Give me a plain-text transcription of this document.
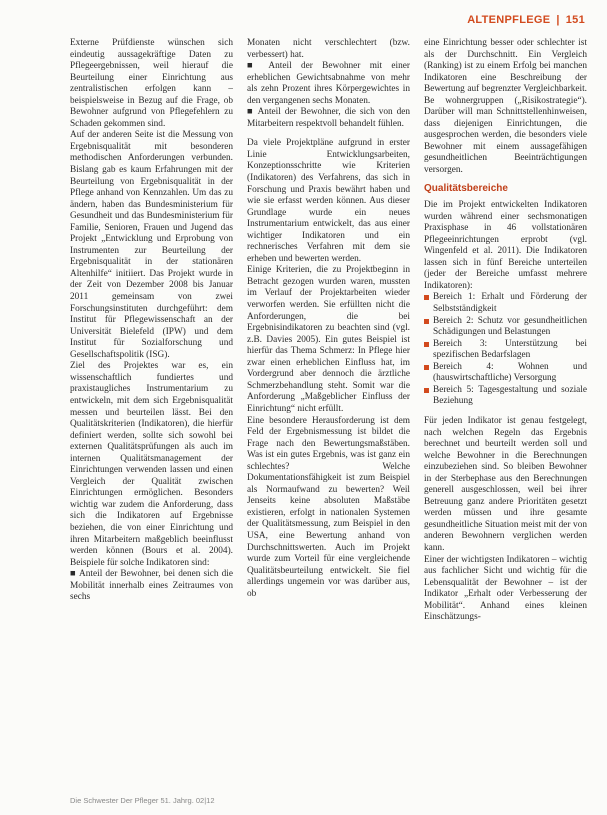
ALTENPFLEGE | 151

Externe Prüfdienste wünschen sich eindeutig aussagekräftige Daten zu Pflegeergebnissen, weil hierauf die Beurteilung einer Einrichtung aus zentralistischen erfolgen kann – beispielsweise in Bezug auf die Frage, ob Bewohner aufgrund von Pflegefehlern zu Schaden gekommen sind.

Auf der anderen Seite ist die Messung von Ergebnisqualität mit besonderen methodischen Anforderungen verbunden. Bislang gab es kaum Erfahrungen mit der Beurteilung von Ergebnisqualität in der Pflege anhand von Kennzahlen. Um das zu ändern, haben das Bundesministerium für Gesundheit und das Bundesministerium für Familie, Senioren, Frauen und Jugend das Projekt „Entwicklung und Erprobung von Instrumenten zur Beurteilung der Ergebnisqualität in der stationären Altenhilfe“ initiiert. Das Projekt wurde in der Zeit von Dezember 2008 bis Januar 2011 gemeinsam von zwei Forschungsinstituten durchgeführt: dem Institut für Pflegewissenschaft an der Universität Bielefeld (IPW) und dem Institut für Sozialforschung und Gesellschaftspolitik (ISG).

Ziel des Projektes war es, ein wissenschaftlich fundiertes und praxistaugliches Instrumentarium zu entwickeln, mit dem sich Ergebnisqualität messen und beurteilen lässt. Bei den Qualitätskriterien (Indikatoren), die hierfür definiert werden, sollte sich sowohl bei externen Qualitätsprüfungen als auch im internen Qualitätsmanagement der Einrichtungen verwenden lassen und einen Vergleich der Qualität zwischen Einrichtungen ermöglichen. Besonders wichtig war zudem die Anforderung, dass sich die Indikatoren auf Ergebnisse beziehen, die von einer Einrichtung und ihren Mitarbeitern maßgeblich beeinflusst werden können (Bours et al. 2004). Beispiele für solche Indikatoren sind:

■ Anteil der Bewohner, bei denen sich die Mobilität innerhalb eines Zeitraumes von sechs

Monaten nicht verschlechtert (bzw. verbessert) hat.

■ Anteil der Bewohner mit einer erheblichen Gewichtsabnahme von mehr als zehn Prozent ihres Körpergewichtes in den vergangenen sechs Monaten.

■ Anteil der Bewohner, die sich von den Mitarbeitern respektvoll behandelt fühlen.

Da viele Projektpläne aufgrund in erster Linie Entwicklungsarbeiten, Konzeptionsschritte wie Kriterien (Indikatoren) des Verfahrens, das sich in Forschung und Praxis bewährt haben und wie sie erfasst werden können. Aus dieser Grundlage wurde ein neues Instrumentarium entwickelt, das aus einer wichtiger Indikatoren und ein rechnerisches Verfahren mit dem sie erheben und bewerten werden.

Einige Kriterien, die zu Projektbeginn in Betracht gezogen wurden waren, mussten im Verlauf der Projektarbeiten wieder verworfen werden. Sie erfüllten nicht die Anforderungen, die bei Ergebnisindikatoren zu beachten sind (vgl. z.B. Davies 2005). Ein gutes Beispiel ist hierfür das Thema Schmerz: In Pflege hier zwar einen erheblichen Einfluss hat, im Vordergrund aber dennoch die ärztliche Schmerzbehandlung steht. Somit war die Anforderung „Maßgeblicher Einfluss der Einrichtung“ nicht erfüllt.

Eine besondere Herausforderung ist dem Feld der Ergebnismessung ist bildet die Frage nach den Bewertungsmaßstäben. Was ist ein gutes Ergebnis, was ist ganz ein schlechtes? Welche Dokumentationsfähigkeit ist zum Beispiel als Normaufwand zu bewerten? Weil Jenseits keine absoluten Maßstäbe existieren, erfolgt in nationalen Systemen der Qualitätsmessung, zum Beispiel in den USA, eine Bewertung anhand von Durchschnittswerten. Auch im Projekt wurde zum Vorteil für eine vergleichende Qualitätsbeurteilung entwickelt. Sie fiel allerdings ungemein vor was darüber aus, ob

eine Einrichtung besser oder schlechter ist als der Durchschnitt. Ein Vergleich (Ranking) ist zu einem Erfolg bei manchen Indikatoren eine Beschreibung der Bewertung auf begrenzter Vergleichbarkeit. Be wohnergruppen („Risikostrategie“). Darüber will man Schnittstellenhinweisen, dass diejenigen Einrichtungen, die ausgesprochen werden, die besonders viele Bewohner mit einem aussagefähigen gesundheitlichen Beeinträchtigungen versorgen.

Qualitätsbereiche

Die im Projekt entwickelten Indikatoren wurden während einer sechsmonatigen Praxisphase in 46 vollstationären Pflegeeinrichtungen erprobt (vgl. Wingenfeld et al. 2011). Die Indikatoren lassen sich in fünf Bereiche unterteilen (jeder der Bereiche umfasst mehrere Indikatoren):

Bereich 1: Erhalt und Förderung der Selbstständigkeit
Bereich 2: Schutz vor gesundheitlichen Schädigungen und Belastungen
Bereich 3: Unterstützung bei spezifischen Bedarfslagen
Bereich 4: Wohnen und (hauswirtschaftliche) Versorgung
Bereich 5: Tagesgestaltung und soziale Beziehung

Für jeden Indikator ist genau festgelegt, nach welchen Regeln das Ergebnis berechnet und beurteilt werden soll und welche Bewohner in die Berechnungen einzubeziehen sind. So bleiben Bewohner in der Sterbephase aus den Berechnungen generell ausgeschlossen, weil bei ihrer Betreuung ganz andere Prioritäten gesetzt werden müssen und ihre gesamte gesundheitliche Situation meist mit der von anderen Bewohnern verglichen werden kann.

Einer der wichtigsten Indikatoren – wichtig aus fachlicher Sicht und wichtig für die Lebensqualität der Bewohner – ist der Indikator „Erhalt oder Verbesserung der Mobilität“. Anhand eines kleinen Einschätzungs-

Die Schwester Der Pfleger 51. Jahrg. 02|12
